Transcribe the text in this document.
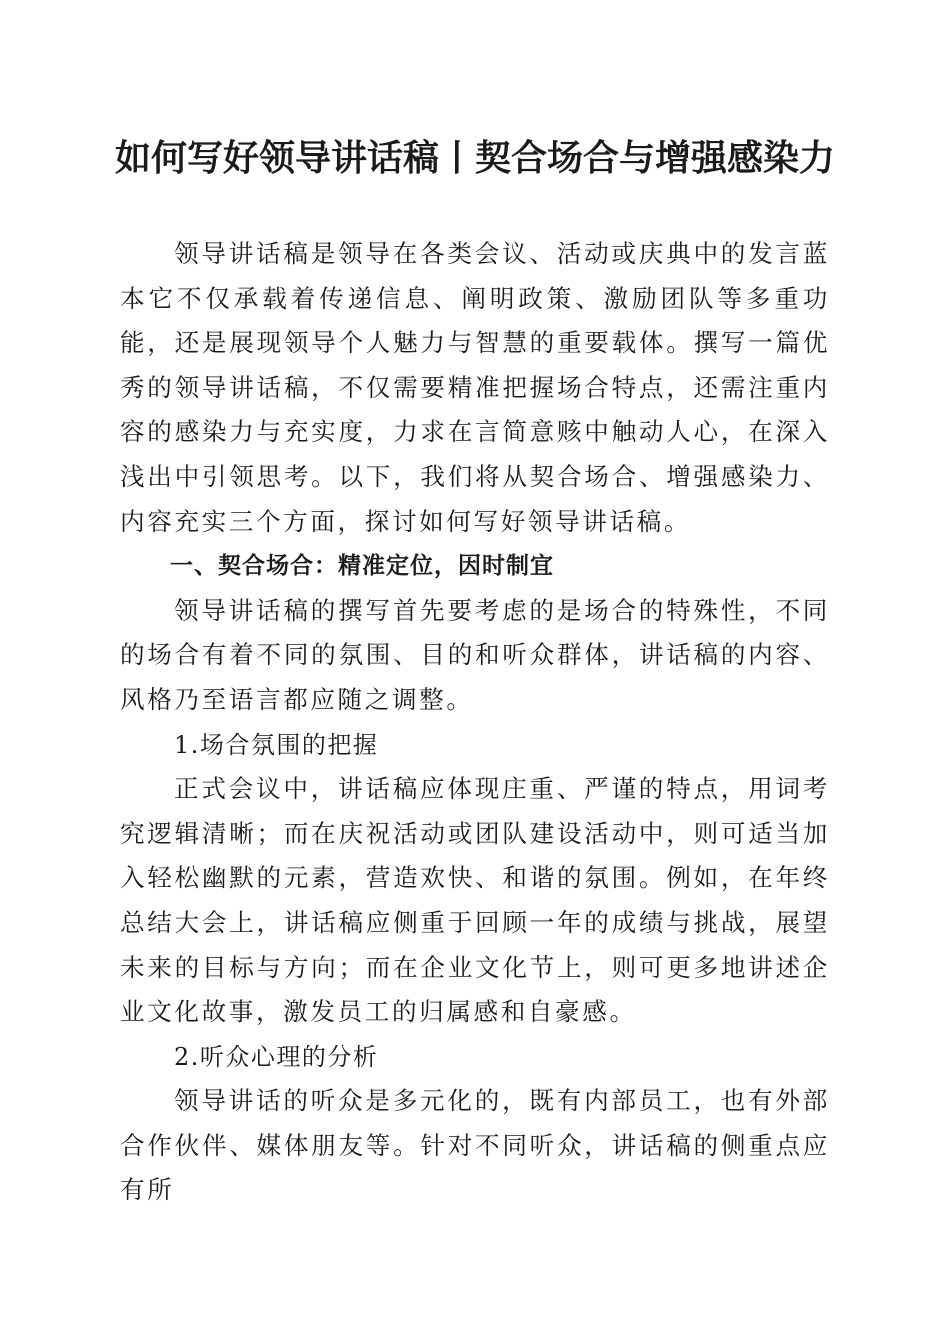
如何写好领导讲话稿丨契合场合与增强感染力

领导讲话稿是领导在各类会议、活动或庆典中的发言蓝本它不仅承载着传递信息、阐明政策、激励团队等多重功能，还是展现领导个人魅力与智慧的重要载体。撰写一篇优秀的领导讲话稿，不仅需要精准把握场合特点，还需注重内容的感染力与充实度，力求在言简意赅中触动人心，在深入浅出中引领思考。以下，我们将从契合场合、增强感染力、内容充实三个方面，探讨如何写好领导讲话稿。

一、契合场合：精准定位，因时制宜

领导讲话稿的撰写首先要考虑的是场合的特殊性，不同的场合有着不同的氛围、目的和听众群体，讲话稿的内容、风格乃至语言都应随之调整。

1.场合氛围的把握

正式会议中，讲话稿应体现庄重、严谨的特点，用词考究逻辑清晰；而在庆祝活动或团队建设活动中，则可适当加入轻松幽默的元素，营造欢快、和谐的氛围。例如，在年终总结大会上，讲话稿应侧重于回顾一年的成绩与挑战，展望未来的目标与方向；而在企业文化节上，则可更多地讲述企业文化故事，激发员工的归属感和自豪感。

2.听众心理的分析

领导讲话的听众是多元化的，既有内部员工，也有外部合作伙伴、媒体朋友等。针对不同听众，讲话稿的侧重点应有所
